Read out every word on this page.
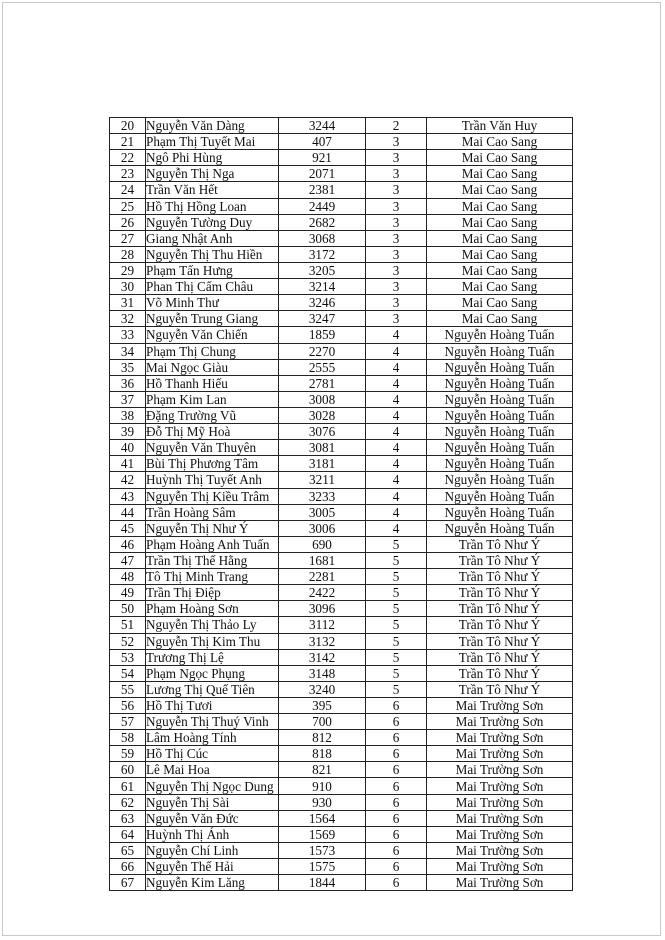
20	Nguyễn Văn Dàng	3244	2	Trần Văn Huy
21	Phạm Thị Tuyết Mai	407	3	Mai Cao Sang
22	Ngô Phi Hùng	921	3	Mai Cao Sang
23	Nguyễn Thị Nga	2071	3	Mai Cao Sang
24	Trần Văn Hết	2381	3	Mai Cao Sang
25	Hồ Thị Hồng Loan	2449	3	Mai Cao Sang
26	Nguyễn Tường Duy	2682	3	Mai Cao Sang
27	Giang Nhật Anh	3068	3	Mai Cao Sang
28	Nguyễn Thị Thu Hiền	3172	3	Mai Cao Sang
29	Phạm Tấn Hưng	3205	3	Mai Cao Sang
30	Phan Thị Cẩm Châu	3214	3	Mai Cao Sang
31	Võ Minh Thư	3246	3	Mai Cao Sang
32	Nguyễn Trung Giang	3247	3	Mai Cao Sang
33	Nguyễn Văn Chiến	1859	4	Nguyễn Hoàng Tuấn
34	Phạm Thị Chung	2270	4	Nguyễn Hoàng Tuấn
35	Mai Ngọc Giàu	2555	4	Nguyễn Hoàng Tuấn
36	Hồ Thanh Hiếu	2781	4	Nguyễn Hoàng Tuấn
37	Phạm Kim Lan	3008	4	Nguyễn Hoàng Tuấn
38	Đặng Trường Vũ	3028	4	Nguyễn Hoàng Tuấn
39	Đỗ Thị Mỹ Hoà	3076	4	Nguyễn Hoàng Tuấn
40	Nguyễn Văn Thuyên	3081	4	Nguyễn Hoàng Tuấn
41	Bùi Thị Phương Tâm	3181	4	Nguyễn Hoàng Tuấn
42	Huỳnh Thị Tuyết Anh	3211	4	Nguyễn Hoàng Tuấn
43	Nguyễn Thị Kiều Trâm	3233	4	Nguyễn Hoàng Tuấn
44	Trần Hoàng Sâm	3005	4	Nguyễn Hoàng Tuấn
45	Nguyễn Thị Như Ý	3006	4	Nguyễn Hoàng Tuấn
46	Phạm Hoàng Anh Tuấn	690	5	Trần Tô Như Ý
47	Trần Thị Thế Hằng	1681	5	Trần Tô Như Ý
48	Tô Thị Minh Trang	2281	5	Trần Tô Như Ý
49	Trần Thị Điệp	2422	5	Trần Tô Như Ý
50	Phạm Hoàng Sơn	3096	5	Trần Tô Như Ý
51	Nguyễn Thị Thảo Ly	3112	5	Trần Tô Như Ý
52	Nguyễn Thị Kim Thu	3132	5	Trần Tô Như Ý
53	Trương Thị Lệ	3142	5	Trần Tô Như Ý
54	Phạm Ngọc Phụng	3148	5	Trần Tô Như Ý
55	Lương Thị Quế Tiên	3240	5	Trần Tô Như Ý
56	Hồ Thị Tươi	395	6	Mai Trường Sơn
57	Nguyễn Thị Thuý Vinh	700	6	Mai Trường Sơn
58	Lâm Hoàng Tính	812	6	Mai Trường Sơn
59	Hồ Thị Cúc	818	6	Mai Trường Sơn
60	Lê Mai Hoa	821	6	Mai Trường Sơn
61	Nguyễn Thị Ngọc Dung	910	6	Mai Trường Sơn
62	Nguyễn Thị Sài	930	6	Mai Trường Sơn
63	Nguyễn Văn Đức	1564	6	Mai Trường Sơn
64	Huỳnh Thị Ánh	1569	6	Mai Trường Sơn
65	Nguyễn Chí Linh	1573	6	Mai Trường Sơn
66	Nguyễn Thế Hải	1575	6	Mai Trường Sơn
67	Nguyễn Kim Lăng	1844	6	Mai Trường Sơn
